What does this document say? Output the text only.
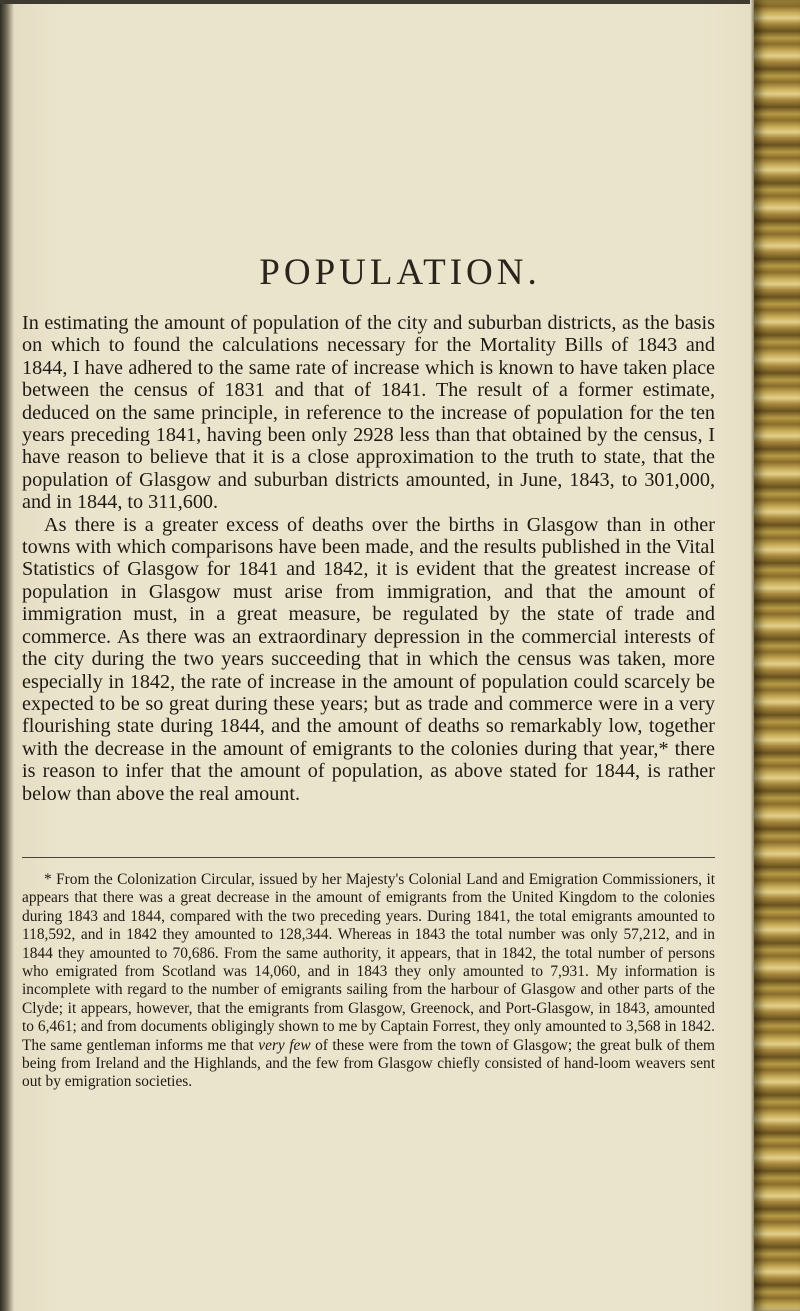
POPULATION.

In estimating the amount of population of the city and suburban districts, as the basis on which to found the calculations necessary for the Mortality Bills of 1843 and 1844, I have adhered to the same rate of increase which is known to have taken place between the census of 1831 and that of 1841. The result of a former estimate, deduced on the same principle, in reference to the increase of population for the ten years preceding 1841, having been only 2928 less than that obtained by the census, I have reason to believe that it is a close approximation to the truth to state, that the population of Glasgow and suburban districts amounted, in June, 1843, to 301,000, and in 1844, to 311,600.

As there is a greater excess of deaths over the births in Glasgow than in other towns with which comparisons have been made, and the results published in the Vital Statistics of Glasgow for 1841 and 1842, it is evident that the greatest increase of population in Glasgow must arise from immigration, and that the amount of immigration must, in a great measure, be regulated by the state of trade and commerce. As there was an extraordinary depression in the commercial interests of the city during the two years succeeding that in which the census was taken, more especially in 1842, the rate of increase in the amount of population could scarcely be expected to be so great during these years; but as trade and commerce were in a very flourishing state during 1844, and the amount of deaths so remarkably low, together with the decrease in the amount of emigrants to the colonies during that year,* there is reason to infer that the amount of population, as above stated for 1844, is rather below than above the real amount.

* From the Colonization Circular, issued by her Majesty's Colonial Land and Emigration Commissioners, it appears that there was a great decrease in the amount of emigrants from the United Kingdom to the colonies during 1843 and 1844, compared with the two preceding years. During 1841, the total emigrants amounted to 118,592, and in 1842 they amounted to 128,344. Whereas in 1843 the total number was only 57,212, and in 1844 they amounted to 70,686. From the same authority, it appears, that in 1842, the total number of persons who emigrated from Scotland was 14,060, and in 1843 they only amounted to 7,931. My information is incomplete with regard to the number of emigrants sailing from the harbour of Glasgow and other parts of the Clyde; it appears, however, that the emigrants from Glasgow, Greenock, and Port-Glasgow, in 1843, amounted to 6,461; and from documents obligingly shown to me by Captain Forrest, they only amounted to 3,568 in 1842. The same gentleman informs me that very few of these were from the town of Glasgow; the great bulk of them being from Ireland and the Highlands, and the few from Glasgow chiefly consisted of hand-loom weavers sent out by emigration societies.
